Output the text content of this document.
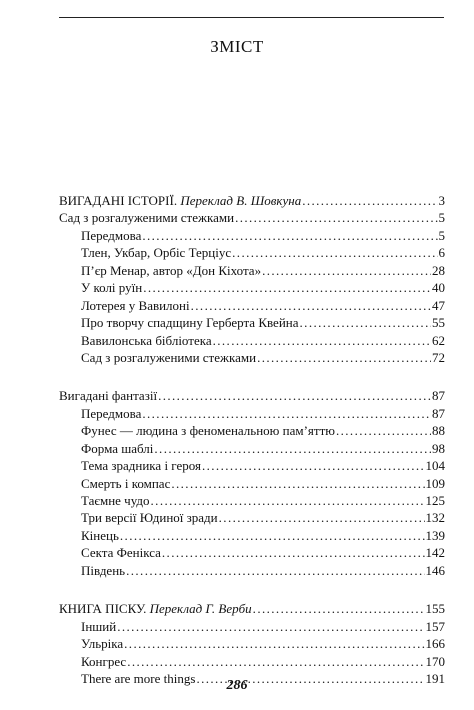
ЗМІСТ
ВИГАДАНІ ІСТОРІЇ. Переклад В. Шовкуна .....	3
Сад з розгалуженими стежками .....	5
Передмова .....	5
Тлен, Укбар, Орбіс Терціус .....	6
П’єр Менар, автор «Дон Кіхота» .....	28
У колі руїн .....	40
Лотерея у Вавилоні .....	47
Про творчу спадщину Герберта Квейна .....	55
Вавилонська бібліотека .....	62
Сад з розгалуженими стежками .....	72
Вигадані фантазії .....	87
Передмова .....	87
Фунес — людина з феноменальною пам’яттю .....	88
Форма шаблі .....	98
Тема зрадника і героя .....	104
Смерть і компас .....	109
Таємне чудо .....	125
Три версії Юдиної зради .....	132
Кінець .....	139
Секта Фенікса .....	142
Південь .....	146
КНИГА ПІСКУ. Переклад Г. Верби .....	155
Інший .....	157
Ульріка .....	166
Конгрес .....	170
There are more things .....	191
286
